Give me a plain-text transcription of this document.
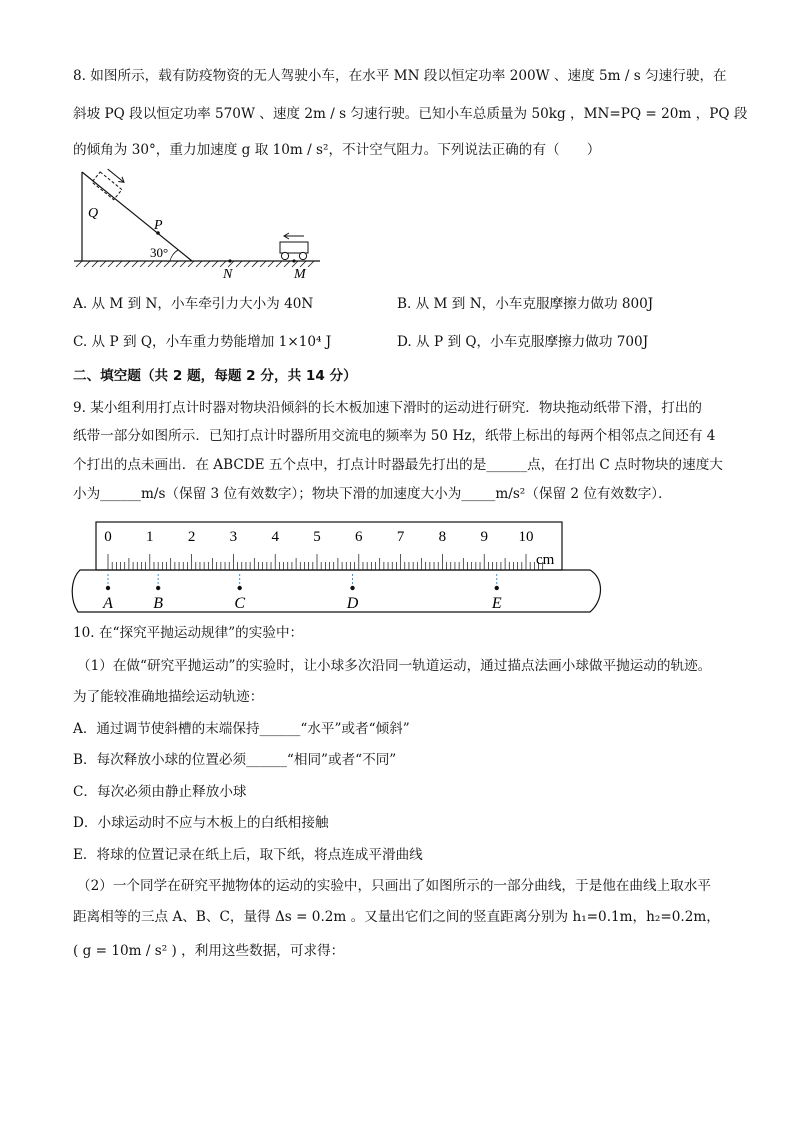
8. 如图所示，载有防疫物资的无人驾驶小车，在水平 MN 段以恒定功率 200W 、速度 5m / s 匀速行驶，在
斜坡 PQ 段以恒定功率 570W 、速度 2m / s 匀速行驶。已知小车总质量为 50kg ，MN=PQ = 20m ，PQ 段
的倾角为 30°，重力加速度 g 取 10m / s²，不计空气阻力。下列说法正确的有（　　）
Q
P
30°
N	M
A. 从 M 到 N，小车牵引力大小为 40N	B. 从 M 到 N，小车克服摩擦力做功 800J
C. 从 P 到 Q，小车重力势能增加 1×10⁴ J	D. 从 P 到 Q，小车克服摩擦力做功 700J
二、填空题（共 2 题，每题 2 分，共 14 分）
9. 某小组利用打点计时器对物块沿倾斜的长木板加速下滑时的运动进行研究．物块拖动纸带下滑，打出的
纸带一部分如图所示．已知打点计时器所用交流电的频率为 50 Hz，纸带上标出的每两个相邻点之间还有 4
个打出的点未画出．在 ABCDE 五个点中，打点计时器最先打出的是______点，在打出 C 点时物块的速度大
小为______m/s（保留 3 位有效数字）；物块下滑的加速度大小为_____m/s²（保留 2 位有效数字）．
0 1 2 3 4 5 6 7 8 9 10
cm
A	B	C	D	E
10. 在“探究平抛运动规律”的实验中：
（1）在做“研究平抛运动”的实验时，让小球多次沿同一轨道运动，通过描点法画小球做平抛运动的轨迹。
为了能较准确地描绘运动轨迹：
A．通过调节使斜槽的末端保持______“水平”或者“倾斜”
B．每次释放小球的位置必须______“相同”或者“不同”
C．每次必须由静止释放小球
D．小球运动时不应与木板上的白纸相接触
E．将球的位置记录在纸上后，取下纸，将点连成平滑曲线
（2）一个同学在研究平抛物体的运动的实验中，只画出了如图所示的一部分曲线，于是他在曲线上取水平
距离相等的三点 A、B、C，量得 Δs = 0.2m 。又量出它们之间的竖直距离分别为 h₁=0.1m，h₂=0.2m，
( g = 10m / s² ) ，利用这些数据，可求得：
